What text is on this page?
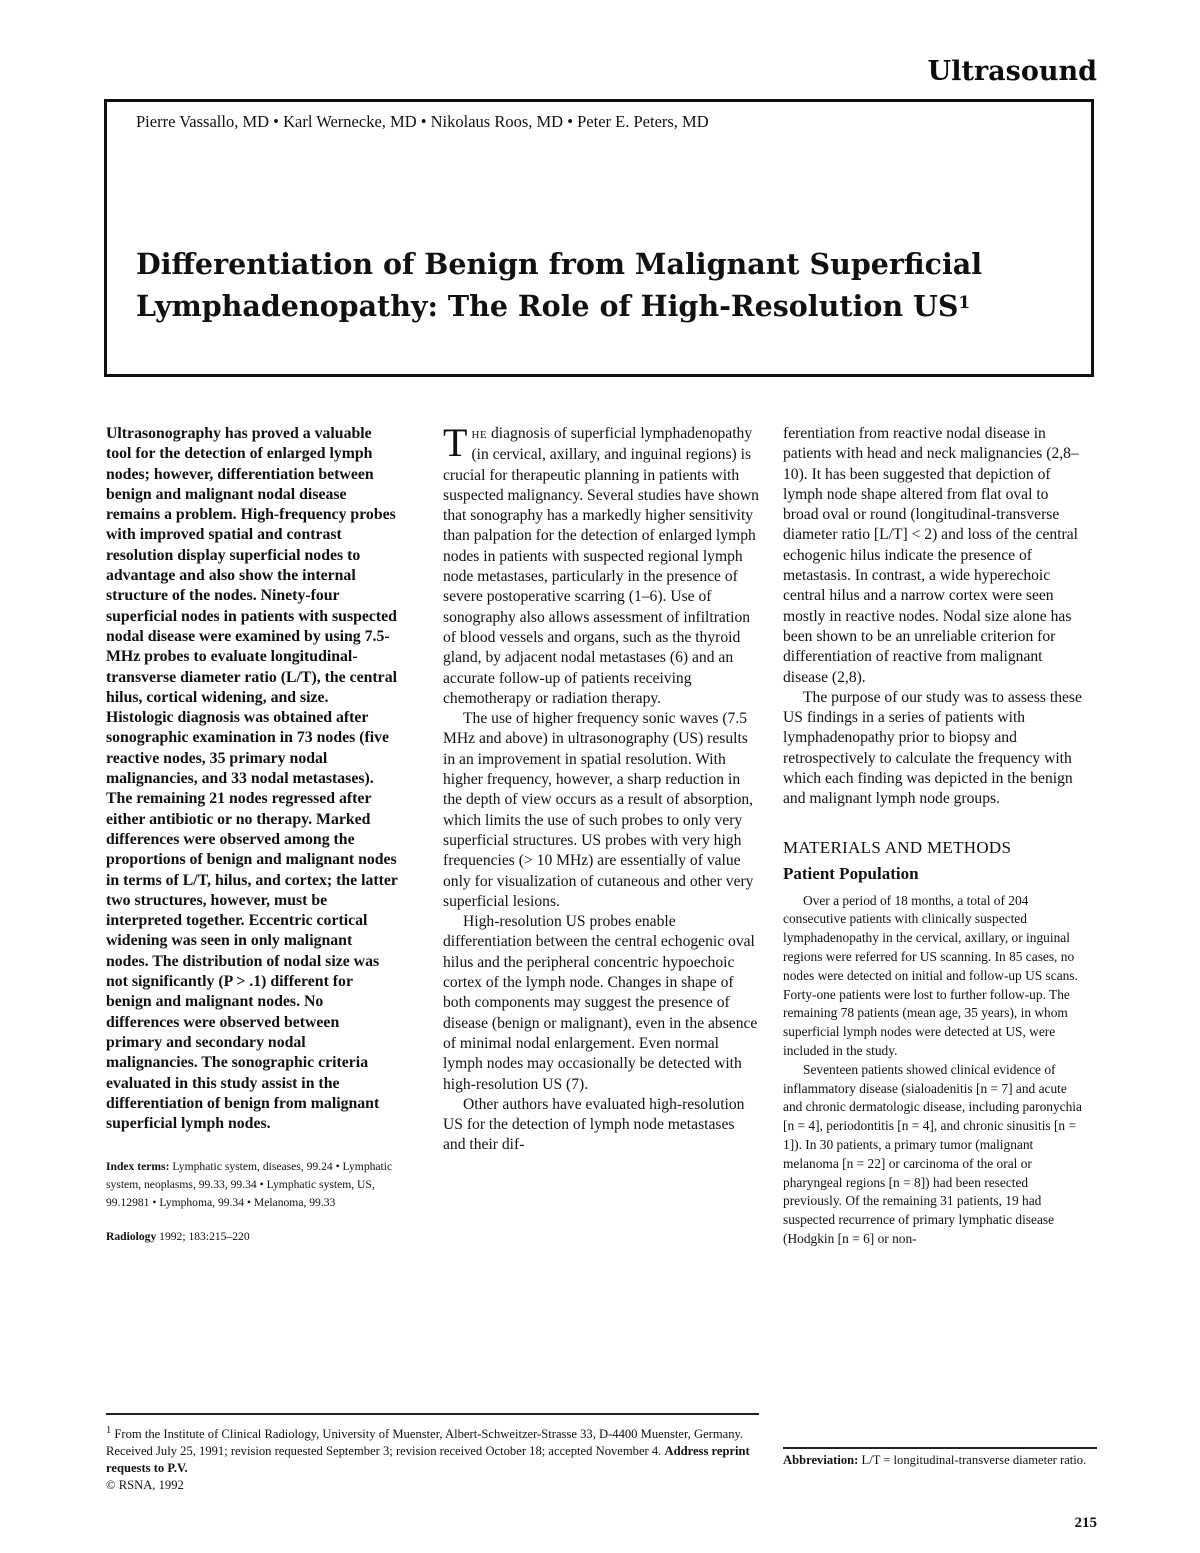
Ultrasound
Pierre Vassallo, MD • Karl Wernecke, MD • Nikolaus Roos, MD • Peter E. Peters, MD
Differentiation of Benign from Malignant Superficial Lymphadenopathy: The Role of High-Resolution $US^1$

Ultrasonography has proved a valuable tool for the detection of enlarged lymph nodes; however, differentiation between benign and malignant nodal disease remains a problem. High-frequency probes with improved spatial and contrast resolution display superficial nodes to advantage and also show the internal structure of the nodes. Ninety-four superficial nodes in patients with suspected nodal disease were examined by using 7.5-MHz probes to evaluate longitudinal-transverse diameter ratio (L/T), the central hilus, cortical widening, and size. Histologic diagnosis was obtained after sonographic examination in 73 nodes (five reactive nodes, 35 primary nodal malignancies, and 33 nodal metastases). The remaining 21 nodes regressed after either antibiotic or no therapy. Marked differences were observed among the proportions of benign and malignant nodes in terms of L/T, hilus, and cortex; the latter two structures, however, must be interpreted together. Eccentric cortical widening was seen in only malignant nodes. The distribution of nodal size was not significantly (P > .1) different for benign and malignant nodes. No differences were observed between primary and secondary nodal malignancies. The sonographic criteria evaluated in this study assist in the differentiation of benign from malignant superficial lymph nodes.

Index terms: Lymphatic system, diseases, 99.24 • Lymphatic system, neoplasms, 99.33, 99.34 • Lymphatic system, US, 99.12981 • Lymphoma, 99.34 • Melanoma, 99.33

Radiology 1992; 183:215–220

THE diagnosis of superficial lymphadenopathy (in cervical, axillary, and inguinal regions) is crucial for therapeutic planning in patients with suspected malignancy. Several studies have shown that sonography has a markedly higher sensitivity than palpation for the detection of enlarged lymph nodes in patients with suspected regional lymph node metastases, particularly in the presence of severe postoperative scarring (1–6). Use of sonography also allows assessment of infiltration of blood vessels and organs, such as the thyroid gland, by adjacent nodal metastases (6) and an accurate follow-up of patients receiving chemotherapy or radiation therapy.

The use of higher frequency sonic waves (7.5 MHz and above) in ultrasonography (US) results in an improvement in spatial resolution. With higher frequency, however, a sharp reduction in the depth of view occurs as a result of absorption, which limits the use of such probes to only very superficial structures. US probes with very high frequencies (> 10 MHz) are essentially of value only for visualization of cutaneous and other very superficial lesions.

High-resolution US probes enable differentiation between the central echogenic oval hilus and the peripheral concentric hypoechoic cortex of the lymph node. Changes in shape of both components may suggest the presence of disease (benign or malignant), even in the absence of minimal nodal enlargement. Even normal lymph nodes may occasionally be detected with high-resolution US (7).

Other authors have evaluated high-resolution US for the detection of lymph node metastases and their dif-

ferentiation from reactive nodal disease in patients with head and neck malignancies (2,8–10). It has been suggested that depiction of lymph node shape altered from flat oval to broad oval or round (longitudinal-transverse diameter ratio [L/T] < 2) and loss of the central echogenic hilus indicate the presence of metastasis. In contrast, a wide hyperechoic central hilus and a narrow cortex were seen mostly in reactive nodes. Nodal size alone has been shown to be an unreliable criterion for differentiation of reactive from malignant disease (2,8).

The purpose of our study was to assess these US findings in a series of patients with lymphadenopathy prior to biopsy and retrospectively to calculate the frequency with which each finding was depicted in the benign and malignant lymph node groups.

MATERIALS AND METHODS
Patient Population

Over a period of 18 months, a total of 204 consecutive patients with clinically suspected lymphadenopathy in the cervical, axillary, or inguinal regions were referred for US scanning. In 85 cases, no nodes were detected on initial and follow-up US scans. Forty-one patients were lost to further follow-up. The remaining 78 patients (mean age, 35 years), in whom superficial lymph nodes were detected at US, were included in the study.

Seventeen patients showed clinical evidence of inflammatory disease (sialoadenitis [n = 7] and acute and chronic dermatologic disease, including paronychia [n = 4], periodontitis [n = 4], and chronic sinusitis [n = 1]). In 30 patients, a primary tumor (malignant melanoma [n = 22] or carcinoma of the oral or pharyngeal regions [n = 8]) had been resected previously. Of the remaining 31 patients, 19 had suspected recurrence of primary lymphatic disease (Hodgkin [n = 6] or non-

$^1$ From the Institute of Clinical Radiology, University of Muenster, Albert-Schweitzer-Strasse 33, D-4400 Muenster, Germany. Received July 25, 1991; revision requested September 3; revision received October 18; accepted November 4. Address reprint requests to P.V.
© RSNA, 1992

Abbreviation: L/T = longitudinal-transverse diameter ratio.

215
